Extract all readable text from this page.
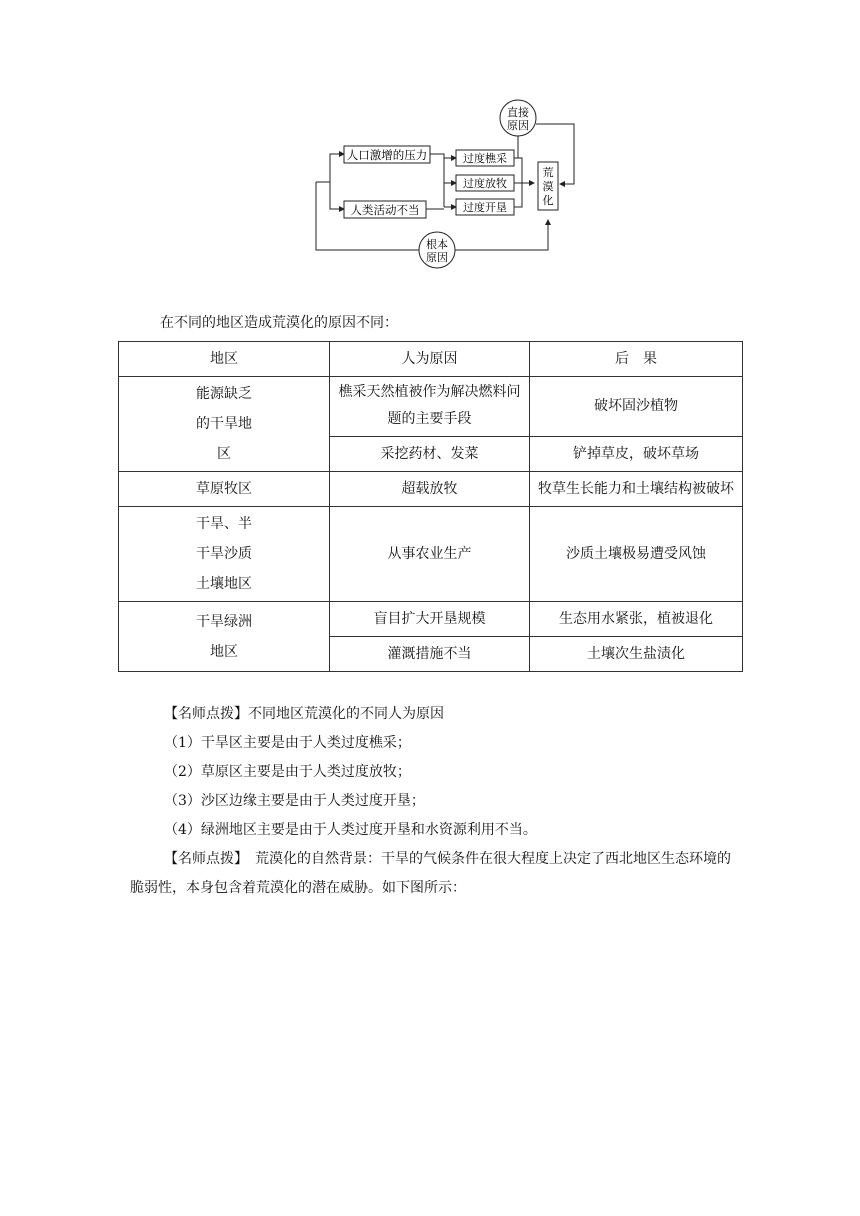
人口激增的压力
人类活动不当
过度樵采
过度放牧
过度开垦
荒漠化
直接
原因
根本
原因
在不同的地区造成荒漠化的原因不同：
地区	人为原因	后　果

能源缺乏
的干旱地
区	樵采天然植被作为解决燃料问题的主要手段	破坏固沙植物
	采挖药材、发菜	铲掉草皮，破坏草场

草原牧区	超载放牧	牧草生长能力和土壤结构被破坏

干旱、半
干旱沙质
土壤地区	从事农业生产	沙质土壤极易遭受风蚀

干旱绿洲
地区	盲目扩大开垦规模	生态用水紧张，植被退化
	灌溉措施不当	土壤次生盐渍化

【名师点拨】不同地区荒漠化的不同人为原因

（1）干旱区主要是由于人类过度樵采；

（2）草原区主要是由于人类过度放牧；

（3）沙区边缘主要是由于人类过度开垦；

（4）绿洲地区主要是由于人类过度开垦和水资源利用不当。

【名师点拨】　荒漠化的自然背景：干旱的气候条件在很大程度上决定了西北地区生态环境的脆弱性，本身包含着荒漠化的潜在威胁。如下图所示：
